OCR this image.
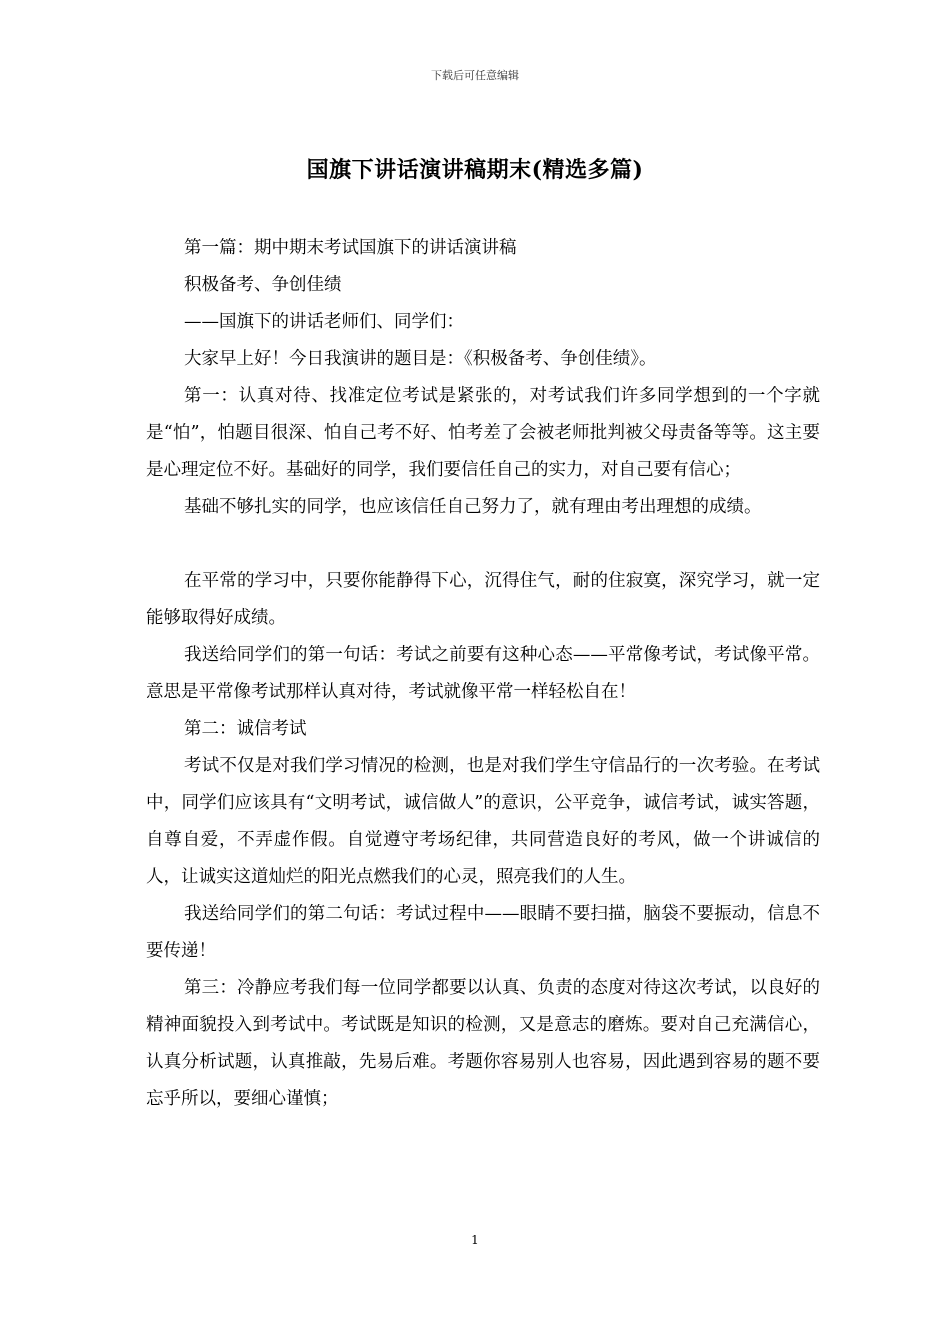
下载后可任意编辑
国旗下讲话演讲稿期末(精选多篇)

第一篇：期中期末考试国旗下的讲话演讲稿

积极备考、争创佳绩

——国旗下的讲话老师们、同学们：

大家早上好！今日我演讲的题目是：《积极备考、争创佳绩》。

第一：认真对待、找准定位考试是紧张的，对考试我们许多同学想到的一个字就是“怕”，怕题目很深、怕自己考不好、怕考差了会被老师批判被父母责备等等。这主要是心理定位不好。基础好的同学，我们要信任自己的实力，对自己要有信心；

基础不够扎实的同学，也应该信任自己努力了，就有理由考出理想的成绩。

在平常的学习中，只要你能静得下心，沉得住气，耐的住寂寞，深究学习，就一定能够取得好成绩。

我送给同学们的第一句话：考试之前要有这种心态——平常像考试，考试像平常。意思是平常像考试那样认真对待，考试就像平常一样轻松自在！

第二：诚信考试

考试不仅是对我们学习情况的检测，也是对我们学生守信品行的一次考验。在考试中，同学们应该具有“文明考试，诚信做人”的意识，公平竞争，诚信考试，诚实答题，自尊自爱，不弄虚作假。自觉遵守考场纪律，共同营造良好的考风，做一个讲诚信的人，让诚实这道灿烂的阳光点燃我们的心灵，照亮我们的人生。

我送给同学们的第二句话：考试过程中——眼睛不要扫描，脑袋不要振动，信息不要传递！

第三：冷静应考我们每一位同学都要以认真、负责的态度对待这次考试，以良好的精神面貌投入到考试中。考试既是知识的检测，又是意志的磨炼。要对自己充满信心，认真分析试题，认真推敲，先易后难。考题你容易别人也容易，因此遇到容易的题不要忘乎所以，要细心谨慎；

1
